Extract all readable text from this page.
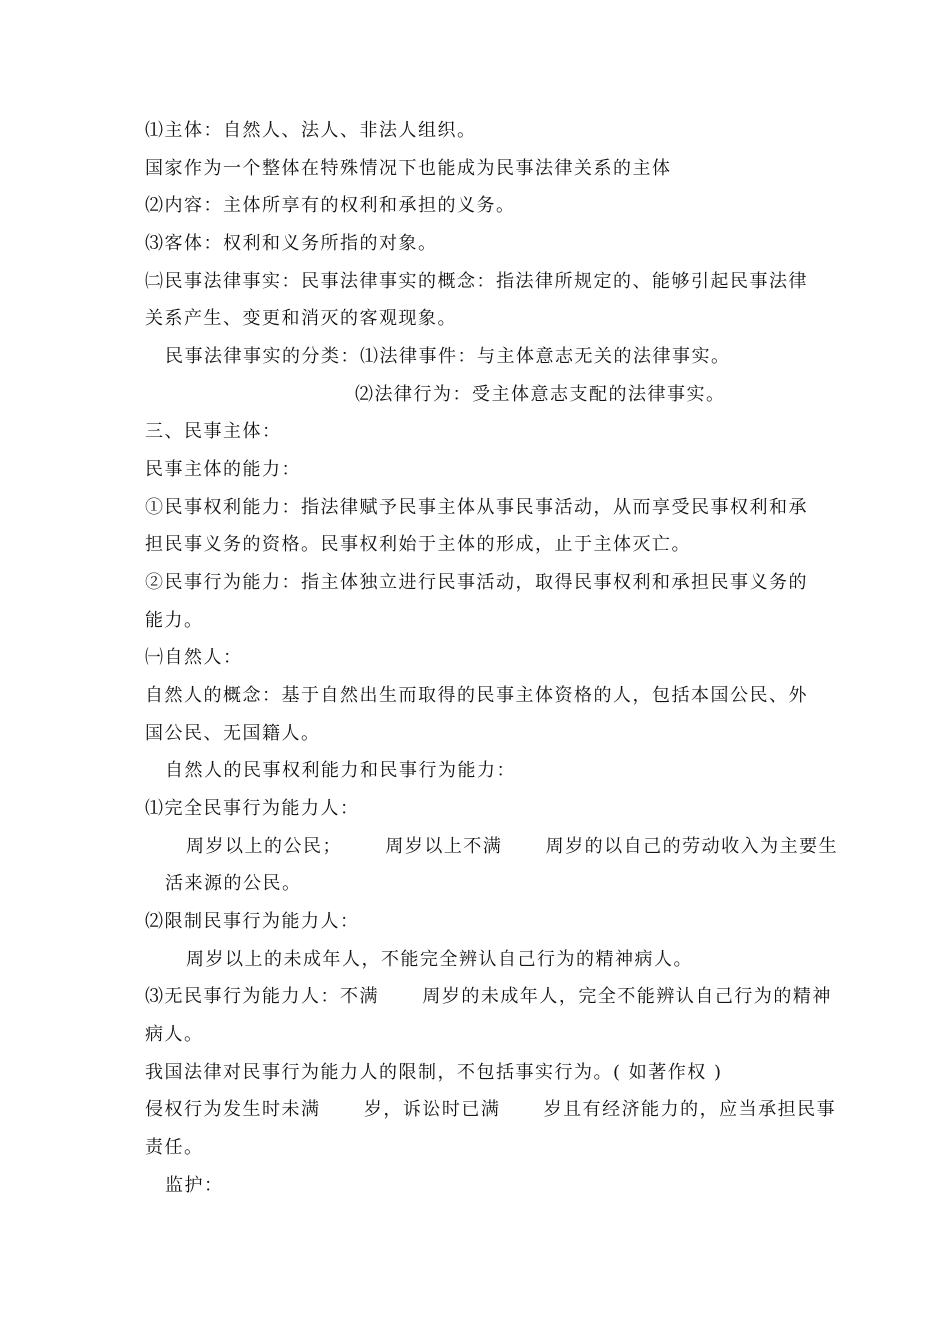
⑴主体：自然人、法人、非法人组织。
国家作为一个整体在特殊情况下也能成为民事法律关系的主体
⑵内容：主体所享有的权利和承担的义务。
⑶客体：权利和义务所指的对象。
㈡民事法律事实：民事法律事实的概念：指法律所规定的、能够引起民事法律
关系产生、变更和消灭的客观现象。
民事法律事实的分类：⑴法律事件：与主体意志无关的法律事实。
⑵法律行为：受主体意志支配的法律事实。
三、民事主体：
民事主体的能力：
①民事权利能力：指法律赋予民事主体从事民事活动，从而享受民事权利和承
担民事义务的资格。民事权利始于主体的形成，止于主体灭亡。
②民事行为能力：指主体独立进行民事活动，取得民事权利和承担民事义务的
能力。
㈠自然人：
自然人的概念：基于自然出生而取得的民事主体资格的人，包括本国公民、外
国公民、无国籍人。
自然人的民事权利能力和民事行为能力：
⑴完全民事行为能力人：
周岁以上的公民；      周岁以上不满      周岁的以自己的劳动收入为主要生
活来源的公民。
⑵限制民事行为能力人：
周岁以上的未成年人，不能完全辨认自己行为的精神病人。
⑶无民事行为能力人：不满      周岁的未成年人，完全不能辨认自己行为的精神
病人。
我国法律对民事行为能力人的限制，不包括事实行为。( 如著作权 )
侵权行为发生时未满      岁，诉讼时已满      岁且有经济能力的，应当承担民事
责任。
监护：
